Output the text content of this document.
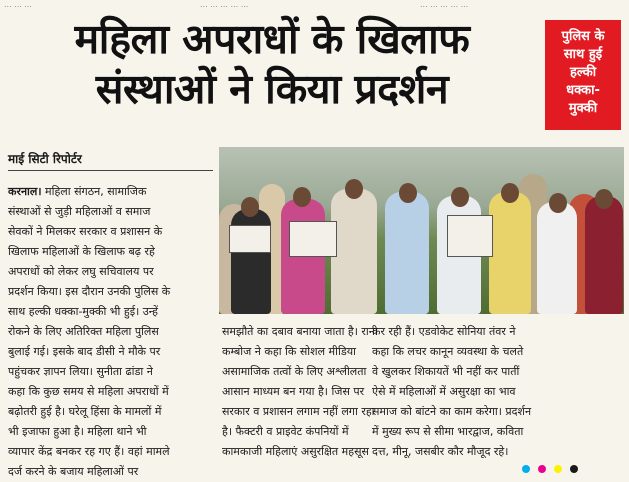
... ... ...	... ... ... ... ...	... ... ... ... ...
महिला अपराधों के खिलाफ
संस्थाओं ने किया प्रदर्शन
पुलिस के
साथ हुई
हल्की
धक्का-
मुक्की
माई सिटी रिपोर्टर
करनाल। महिला संगठन, सामाजिक
संस्थाओं से जुड़ी महिलाओं व समाज
सेवकों ने मिलकर सरकार व प्रशासन के
खिलाफ महिलाओं के खिलाफ बढ़ रहे
अपराधों को लेकर लघु सचिवालय पर
प्रदर्शन किया। इस दौरान उनकी पुलिस के
साथ हल्की धक्का-मुक्की भी हुई। उन्हें
रोकने के लिए अतिरिक्त महिला पुलिस
बुलाई गई। इसके बाद डीसी ने मौके पर
पहुंचकर ज्ञापन लिया। सुनीता ढांडा ने
कहा कि कुछ समय से महिला अपराधों में
बढ़ोतरी हुई है। घरेलू हिंसा के मामलों में
भी इजाफा हुआ है। महिला थाने भी
व्यापार केंद्र बनकर रह गए हैं। वहां मामले
दर्ज करने के बजाय महिलाओं पर
समझौते का दबाव बनाया जाता है। रानी
कम्बोज ने कहा कि सोशल मीडिया
असामाजिक तत्वों के लिए अश्लीलता
आसान माध्यम बन गया है। जिस पर
सरकार व प्रशासन लगाम नहीं लगा रहा
है। फैक्टरी व प्राइवेट कंपनियों में
कामकाजी महिलाएं असुरक्षित महसूस
कर रही हैं। एडवोकेट सोनिया तंवर ने
कहा कि लचर कानून व्यवस्था के चलते
वे खुलकर शिकायतें भी नहीं कर पातीं
ऐसे में महिलाओं में असुरक्षा का भाव
समाज को बांटने का काम करेगा। प्रदर्शन
में मुख्य रूप से सीमा भारद्वाज, कविता
दत्त, मीनू, जसबीर कौर मौजूद रहे।
